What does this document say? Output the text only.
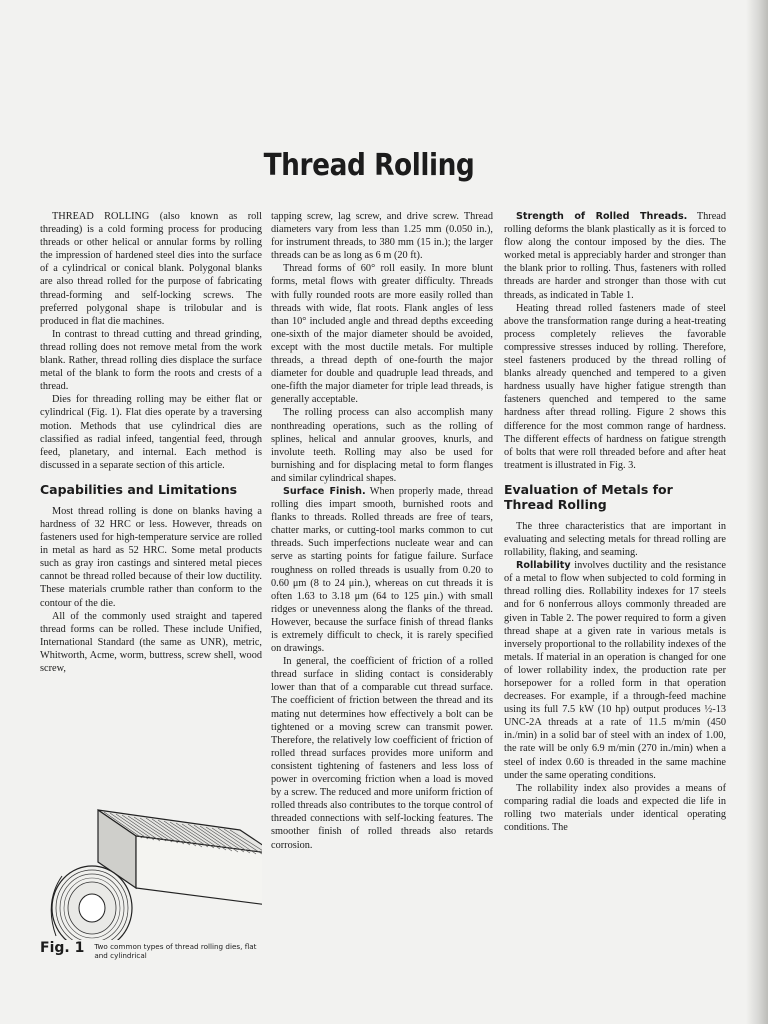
Thread Rolling

THREAD ROLLING (also known as roll threading) is a cold forming process for producing threads or other helical or annular forms by rolling the impression of hardened steel dies into the surface of a cylindrical or conical blank. Polygonal blanks are also thread rolled for the purpose of fabricating thread-forming and self-locking screws. The preferred polygonal shape is trilobular and is produced in flat die machines.

In contrast to thread cutting and thread grinding, thread rolling does not remove metal from the work blank. Rather, thread rolling dies displace the surface metal of the blank to form the roots and crests of a thread.

Dies for threading rolling may be either flat or cylindrical (Fig. 1). Flat dies operate by a traversing motion. Methods that use cylindrical dies are classified as radial infeed, tangential feed, through feed, planetary, and internal. Each method is discussed in a separate section of this article.

Capabilities and Limitations

Most thread rolling is done on blanks having a hardness of 32 HRC or less. However, threads on fasteners used for high-temperature service are rolled in metal as hard as 52 HRC. Some metal products such as gray iron castings and sintered metal pieces cannot be thread rolled because of their low ductility. These materials crumble rather than conform to the contour of the die.

All of the commonly used straight and tapered thread forms can be rolled. These include Unified, International Standard (the same as UNR), metric, Whitworth, Acme, worm, buttress, screw shell, wood screw,

tapping screw, lag screw, and drive screw. Thread diameters vary from less than 1.25 mm (0.050 in.), for instrument threads, to 380 mm (15 in.); the larger threads can be as long as 6 m (20 ft).

Thread forms of 60° roll easily. In more blunt forms, metal flows with greater difficulty. Threads with fully rounded roots are more easily rolled than threads with wide, flat roots. Flank angles of less than 10° included angle and thread depths exceeding one-sixth of the major diameter should be avoided, except with the most ductile metals. For multiple threads, a thread depth of one-fourth the major diameter for double and quadruple lead threads, and one-fifth the major diameter for triple lead threads, is generally acceptable.

The rolling process can also accomplish many nonthreading operations, such as the rolling of splines, helical and annular grooves, knurls, and involute teeth. Rolling may also be used for burnishing and for displacing metal to form flanges and similar cylindrical shapes.

Surface Finish. When properly made, thread rolling dies impart smooth, burnished roots and flanks to threads. Rolled threads are free of tears, chatter marks, or cutting-tool marks common to cut threads. Such imperfections nucleate wear and can serve as starting points for fatigue failure. Surface roughness on rolled threads is usually from 0.20 to 0.60 μm (8 to 24 μin.), whereas on cut threads it is often 1.63 to 3.18 μm (64 to 125 μin.) with small ridges or unevenness along the flanks of the thread. However, because the surface finish of thread flanks is extremely difficult to check, it is rarely specified on drawings.

In general, the coefficient of friction of a rolled thread surface in sliding contact is considerably lower than that of a comparable cut thread surface. The coefficient of friction between the thread and its mating nut determines how effectively a bolt can be tightened or a moving screw can transmit power. Therefore, the relatively low coefficient of friction of rolled thread surfaces provides more uniform and consistent tightening of fasteners and less loss of power in overcoming friction when a load is moved by a screw. The reduced and more uniform friction of rolled threads also contributes to the torque control of threaded connections with self-locking features. The smoother finish of rolled threads also retards corrosion.

Strength of Rolled Threads. Thread rolling deforms the blank plastically as it is forced to flow along the contour imposed by the dies. The worked metal is appreciably harder and stronger than the blank prior to rolling. Thus, fasteners with rolled threads are harder and stronger than those with cut threads, as indicated in Table 1.

Heating thread rolled fasteners made of steel above the transformation range during a heat-treating process completely relieves the favorable compressive stresses induced by rolling. Therefore, steel fasteners produced by the thread rolling of blanks already quenched and tempered to a given hardness usually have higher fatigue strength than fasteners quenched and tempered to the same hardness after thread rolling. Figure 2 shows this difference for the most common range of hardness. The different effects of hardness on fatigue strength of bolts that were roll threaded before and after heat treatment is illustrated in Fig. 3.

Evaluation of Metals for Thread Rolling

The three characteristics that are important in evaluating and selecting metals for thread rolling are rollability, flaking, and seaming.

Rollability involves ductility and the resistance of a metal to flow when subjected to cold forming in thread rolling dies. Rollability indexes for 17 steels and for 6 nonferrous alloys commonly threaded are given in Table 2. The power required to form a given thread shape at a given rate in various metals is inversely proportional to the rollability indexes of the metals. If material in an operation is changed for one of lower rollability index, the production rate per horsepower for a rolled form in that operation decreases. For example, if a through-feed machine using its full 7.5 kW (10 hp) output produces ½-13 UNC-2A threads at a rate of 11.5 m/min (450 in./min) in a solid bar of steel with an index of 1.00, the rate will be only 6.9 m/min (270 in./min) when a steel of index 0.60 is threaded in the same machine under the same operating conditions.

The rollability index also provides a means of comparing radial die loads and expected die life in rolling two materials under identical operating conditions. The

Fig. 1	Two common types of thread rolling dies, flat and cylindrical
